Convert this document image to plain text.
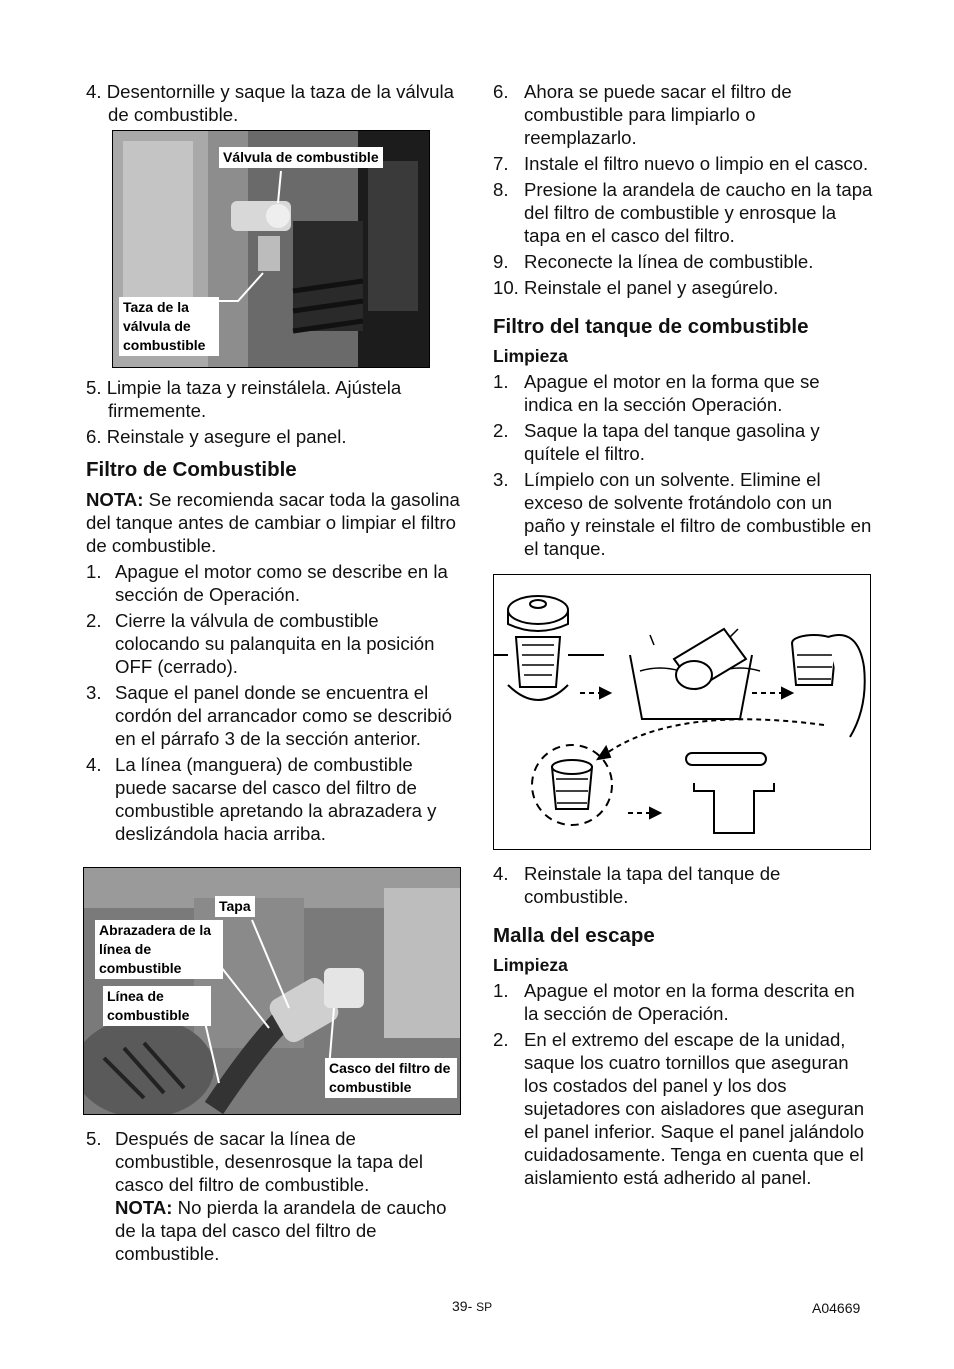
4. Desentornille y saque la taza de la válvula de combustible.
Válvula de combustible
Taza de la válvula de combustible
5. Limpie la taza y reinstálela. Ajústela firmemente.
6. Reinstale y asegure el panel.
Filtro de Combustible

NOTA: Se recomienda sacar toda la gasolina del tanque antes de cambiar o limpiar el filtro de combustible.

1. Apague el motor como se describe en la sección de Operación.
2. Cierre la válvula de combustible colocando su palanquita en la posición OFF (cerrado).
3. Saque el panel donde se encuentra el cordón del arrancador como se describió en el párrafo 3 de la sección anterior.
4. La línea (manguera) de combustible puede sacarse del casco del filtro de combustible apretando la abrazadera y deslizándola hacia arriba.
Tapa
Abrazadera de la línea de combustible
Línea de combustible
Casco del filtro de combustible
5. Después de sacar la línea de combustible, desenrosque la tapa del casco del filtro de combustible.
NOTA: No pierda la arandela de caucho de la tapa del casco del filtro de combustible.
6. Ahora se puede sacar el filtro de combustible para limpiarlo o reemplazarlo.
7. Instale el filtro nuevo o limpio en el casco.
8. Presione la arandela de caucho en la tapa del filtro de combustible y enrosque la tapa en el casco del filtro.
9. Reconecte la línea de combustible.
10. Reinstale el panel y asegúrelo.
Filtro del tanque de combustible
Limpieza
1. Apague el motor en la forma que se indica en la sección Operación.
2. Saque la tapa del tanque gasolina y quítele el filtro.
3. Límpielo con un solvente. Elimine el exceso de solvente frotándolo con un paño y reinstale el filtro de combustible en el tanque.
4. Reinstale la tapa del tanque de combustible.
Malla del escape
Limpieza
1. Apague el motor en la forma descrita en la sección de Operación.
2. En el extremo del escape de la unidad, saque los cuatro tornillos que aseguran los costados del panel y los dos sujetadores con aisladores que aseguran el panel inferior. Saque el panel jalándolo cuidadosamente. Tenga en cuenta que el aislamiento está adherido al panel.
39- SP	A04669
